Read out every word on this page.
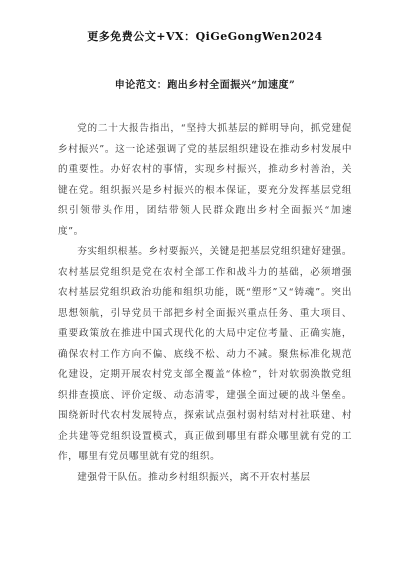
更多免费公文+VX：QiGeGongWen2024
申论范文：跑出乡村全面振兴“加速度”

党的二十大报告指出，“坚持大抓基层的鲜明导向，抓党建促乡村振兴”。这一论述强调了党的基层组织建设在推动乡村发展中的重要性。办好农村的事情，实现乡村振兴，推动乡村善治，关键在党。组织振兴是乡村振兴的根本保证，要充分发挥基层党组织引领带头作用，团结带领人民群众跑出乡村全面振兴“加速度”。

夯实组织根基。乡村要振兴，关键是把基层党组织建好建强。农村基层党组织是党在农村全部工作和战斗力的基础，必须增强农村基层党组织政治功能和组织功能，既“塑形”又“铸魂”。突出思想领航，引导党员干部把乡村全面振兴重点任务、重大项目、重要政策放在推进中国式现代化的大局中定位考量、正确实施，确保农村工作方向不偏、底线不松、动力不减。聚焦标准化规范化建设，定期开展农村党支部全覆盖“体检”，针对软弱涣散党组织排查摸底、评价定级、动态清零，建强全面过硬的战斗堡垒。围绕新时代农村发展特点，探索试点强村弱村结对村社联建、村企共建等党组织设置模式，真正做到哪里有群众哪里就有党的工作，哪里有党员哪里就有党的组织。

建强骨干队伍。推动乡村组织振兴，离不开农村基层
